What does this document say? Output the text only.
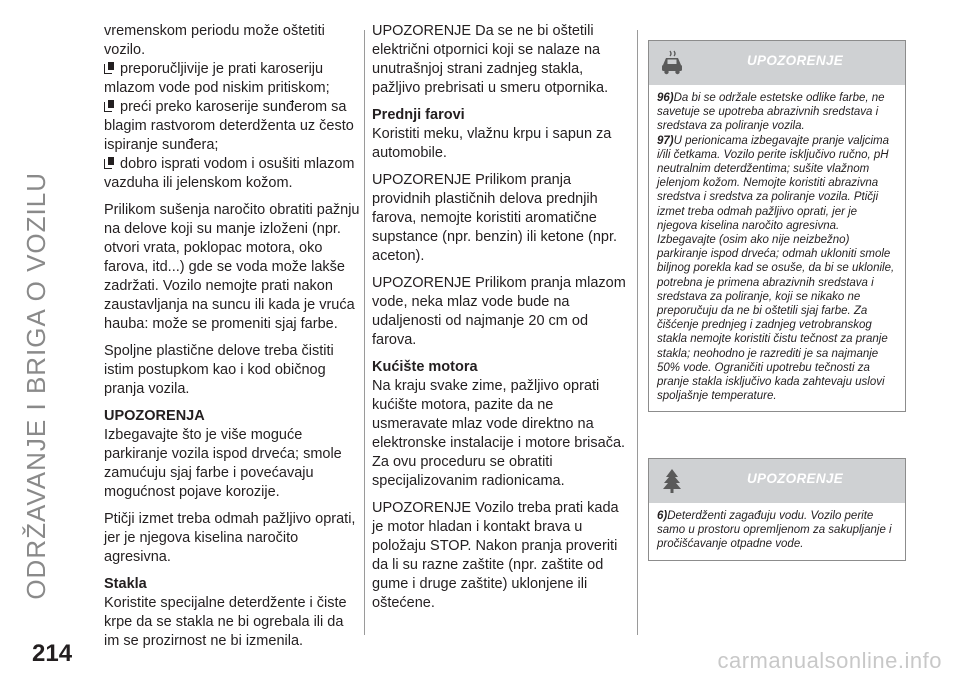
ODRŽAVANJE I BRIGA O VOZILU
214	carmanualsonline.info

vremenskom periodu može oštetiti vozilo.

preporučljivije je prati karoseriju mlazom vode pod niskim pritiskom;

preći preko karoserije sunđerom sa blagim rastvorom deterdženta uz često ispiranje sunđera;

dobro isprati vodom i osušiti mlazom vazduha ili jelenskom kožom.

Prilikom sušenja naročito obratiti pažnju na delove koji su manje izloženi (npr. otvori vrata, poklopac motora, oko farova, itd...) gde se voda može lakše zadržati. Vozilo nemojte prati nakon zaustavljanja na suncu ili kada je vruća hauba: može se promeniti sjaj farbe.

Spoljne plastične delove treba čistiti istim postupkom kao i kod običnog pranja vozila.

UPOZORENJA

Izbegavajte što je više moguće parkiranje vozila ispod drveća; smole zamućuju sjaj farbe i povećavaju mogućnost pojave korozije.

Ptičji izmet treba odmah pažljivo oprati, jer je njegova kiselina naročito agresivna.

Stakla

Koristite specijalne deterdžente i čiste krpe da se stakla ne bi ogrebala ili da im se prozirnost ne bi izmenila.

UPOZORENJE Da se ne bi oštetili električni otpornici koji se nalaze na unutrašnjoj strani zadnjeg stakla, pažljivo prebrisati u smeru otpornika.

Prednji farovi

Koristiti meku, vlažnu krpu i sapun za automobile.

UPOZORENJE Prilikom pranja providnih plastičnih delova prednjih farova, nemojte koristiti aromatične supstance (npr. benzin) ili ketone (npr. aceton).

UPOZORENJE Prilikom pranja mlazom vode, neka mlaz vode bude na udaljenosti od najmanje 20 cm od farova.

Kućište motora

Na kraju svake zime, pažljivo oprati kućište motora, pazite da ne usmeravate mlaz vode direktno na elektronske instalacije i motore brisača. Za ovu proceduru se obratiti specijalizovanim radionicama.

UPOZORENJE Vozilo treba prati kada je motor hladan i kontakt brava u položaju STOP. Nakon pranja proveriti da li su razne zaštite (npr. zaštite od gume i druge zaštite) uklonjene ili oštećene.

UPOZORENJE

96)Da bi se održale estetske odlike farbe, ne savetuje se upotreba abrazivnih sredstava i sredstava za poliranje vozila.

97)U perionicama izbegavajte pranje valjcima i/ili četkama. Vozilo perite isključivo ručno, pH neutralnim deterdžentima; sušite vlažnom jelenjom kožom. Nemojte koristiti abrazivna sredstva i sredstva za poliranje vozila. Ptičji izmet treba odmah pažljivo oprati, jer je njegova kiselina naročito agresivna. Izbegavajte (osim ako nije neizbežno) parkiranje ispod drveća; odmah ukloniti smole biljnog porekla kad se osuše, da bi se uklonile, potrebna je primena abrazivnih sredstava i sredstava za poliranje, koji se nikako ne preporučuju da ne bi oštetili sjaj farbe. Za čišćenje prednjeg i zadnjeg vetrobranskog stakla nemojte koristiti čistu tečnost za pranje stakla; neohodno je razrediti je sa najmanje 50% vode. Ograničiti upotrebu tečnosti za pranje stakla isključivo kada zahtevaju uslovi spoljašnje temperature.

UPOZORENJE

6)Deterdženti zagađuju vodu. Vozilo perite samo u prostoru opremljenom za sakupljanje i pročišćavanje otpadne vode.
